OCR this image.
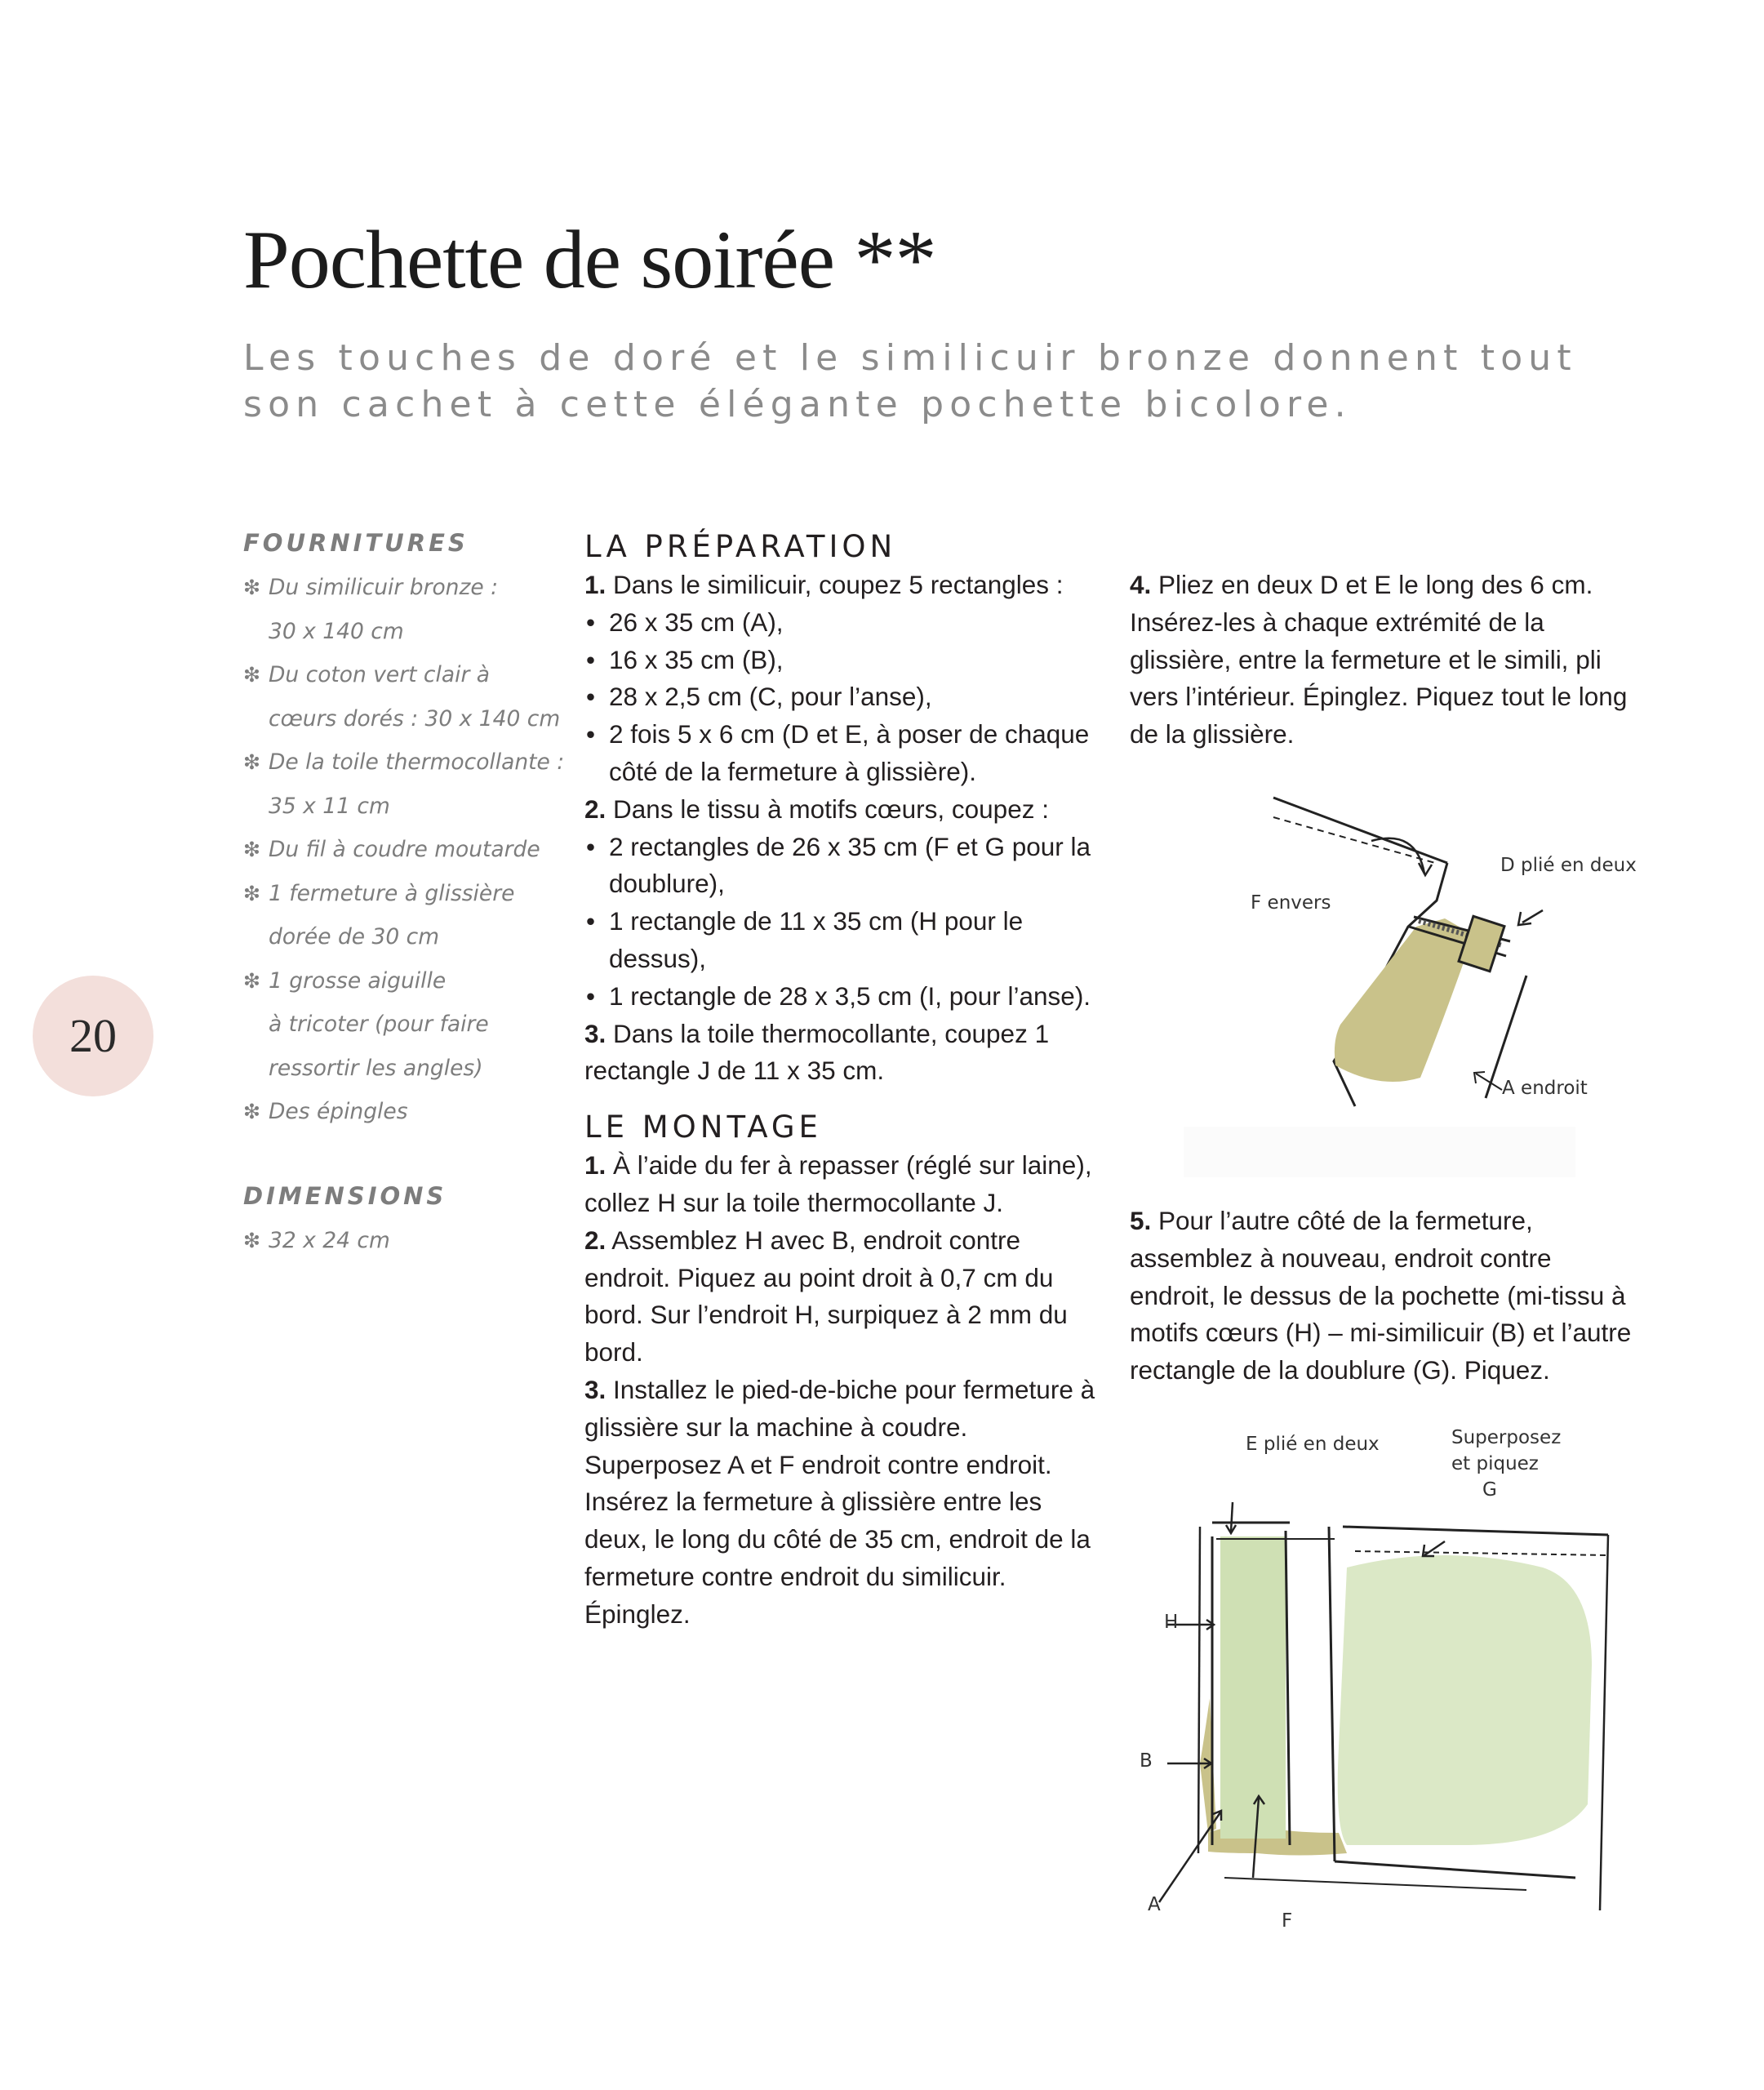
Pochette de soirée **
Les touches de doré et le similicuir bronze donnent tout
son cachet à cette élégante pochette bicolore.
20
FOURNITURES
❇ Du similicuir bronze :
30 x 140 cm
❇ Du coton vert clair à
cœurs dorés : 30 x 140 cm
❇ De la toile thermocollante :
35 x 11 cm
❇ Du fil à coudre moutarde
❇ 1 fermeture à glissière
dorée de 30 cm
❇ 1 grosse aiguille
à tricoter (pour faire
ressortir les angles)
❇ Des épingles
DIMENSIONS
❇ 32 x 24 cm
LA PRÉPARATION

1. Dans le similicuir, coupez 5 rectangles :

• 26 x 35 cm (A),

• 16 x 35 cm (B),

• 28 x 2,5 cm (C, pour l’anse),

• 2 fois 5 x 6 cm (D et E, à poser de chaque côté de la fermeture à glissière).

2. Dans le tissu à motifs cœurs, coupez :

• 2 rectangles de 26 x 35 cm (F et G pour la doublure),

• 1 rectangle de 11 x 35 cm (H pour le dessus),

• 1 rectangle de 28 x 3,5 cm (I, pour l’anse).

3. Dans la toile thermocollante, coupez 1 rectangle J de 11 x 35 cm.

LE MONTAGE

1. À l’aide du fer à repasser (réglé sur laine), collez H sur la toile thermocollante J.

2. Assemblez H avec B, endroit contre endroit. Piquez au point droit à 0,7 cm du bord. Sur l’endroit H, surpiquez à 2 mm du bord.

3. Installez le pied-de-biche pour fermeture à glissière sur la machine à coudre. Superposez A et F endroit contre endroit. Insérez la fermeture à glissière entre les deux, le long du côté de 35 cm, endroit de la fermeture contre endroit du similicuir. Épinglez.

4. Pliez en deux D et E le long des 6 cm. Insérez-les à chaque extrémité de la glissière, entre la fermeture et le simili, pli vers l’intérieur. Épinglez. Piquez tout le long de la glissière.

D plié en deux
F envers
A endroit

5. Pour l’autre côté de la fermeture, assemblez à nouveau, endroit contre endroit, le dessus de la pochette (mi-tissu à motifs cœurs (H) – mi-similicuir (B) et l’autre rectangle de la doublure (G). Piquez.

E plié en deux	Superposez
et piquez
G
H
B
A
F
